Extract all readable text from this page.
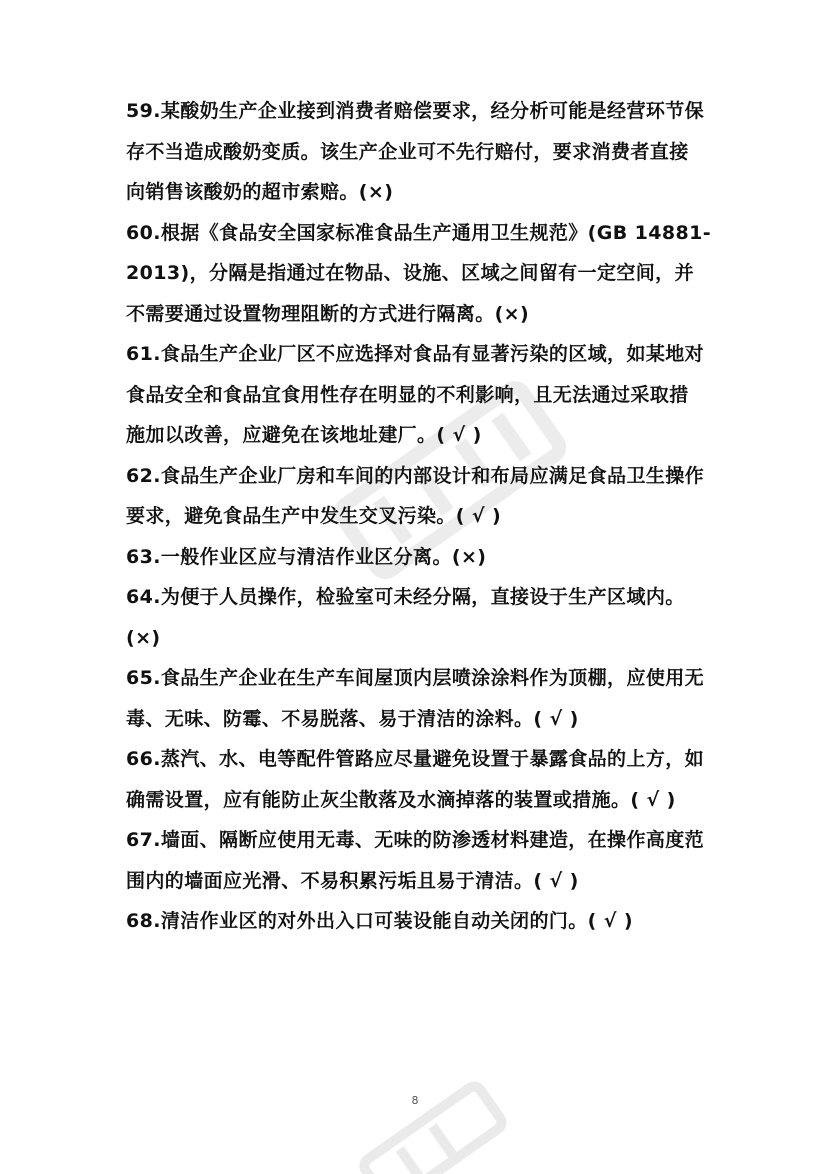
59.某酸奶生产企业接到消费者赔偿要求，经分析可能是经营环节保
存不当造成酸奶变质。该生产企业可不先行赔付，要求消费者直接
向销售该酸奶的超市索赔。(×)
60.根据《食品安全国家标准食品生产通用卫生规范》(GB 14881-
2013)，分隔是指通过在物品、设施、区域之间留有一定空间，并
不需要通过设置物理阻断的方式进行隔离。(×)
61.食品生产企业厂区不应选择对食品有显著污染的区域，如某地对
食品安全和食品宜食用性存在明显的不利影响，且无法通过采取措
施加以改善，应避免在该地址建厂。( √ )
62.食品生产企业厂房和车间的内部设计和布局应满足食品卫生操作
要求，避免食品生产中发生交叉污染。( √ )
63.一般作业区应与清洁作业区分离。(×)
64.为便于人员操作，检验室可未经分隔，直接设于生产区域内。
(×)
65.食品生产企业在生产车间屋顶内层喷涂涂料作为顶棚，应使用无
毒、无味、防霉、不易脱落、易于清洁的涂料。( √ )
66.蒸汽、水、电等配件管路应尽量避免设置于暴露食品的上方，如
确需设置，应有能防止灰尘散落及水滴掉落的装置或措施。( √ )
67.墙面、隔断应使用无毒、无味的防渗透材料建造，在操作高度范
围内的墙面应光滑、不易积累污垢且易于清洁。( √ )
68.清洁作业区的对外出入口可装设能自动关闭的门。( √ )
8
